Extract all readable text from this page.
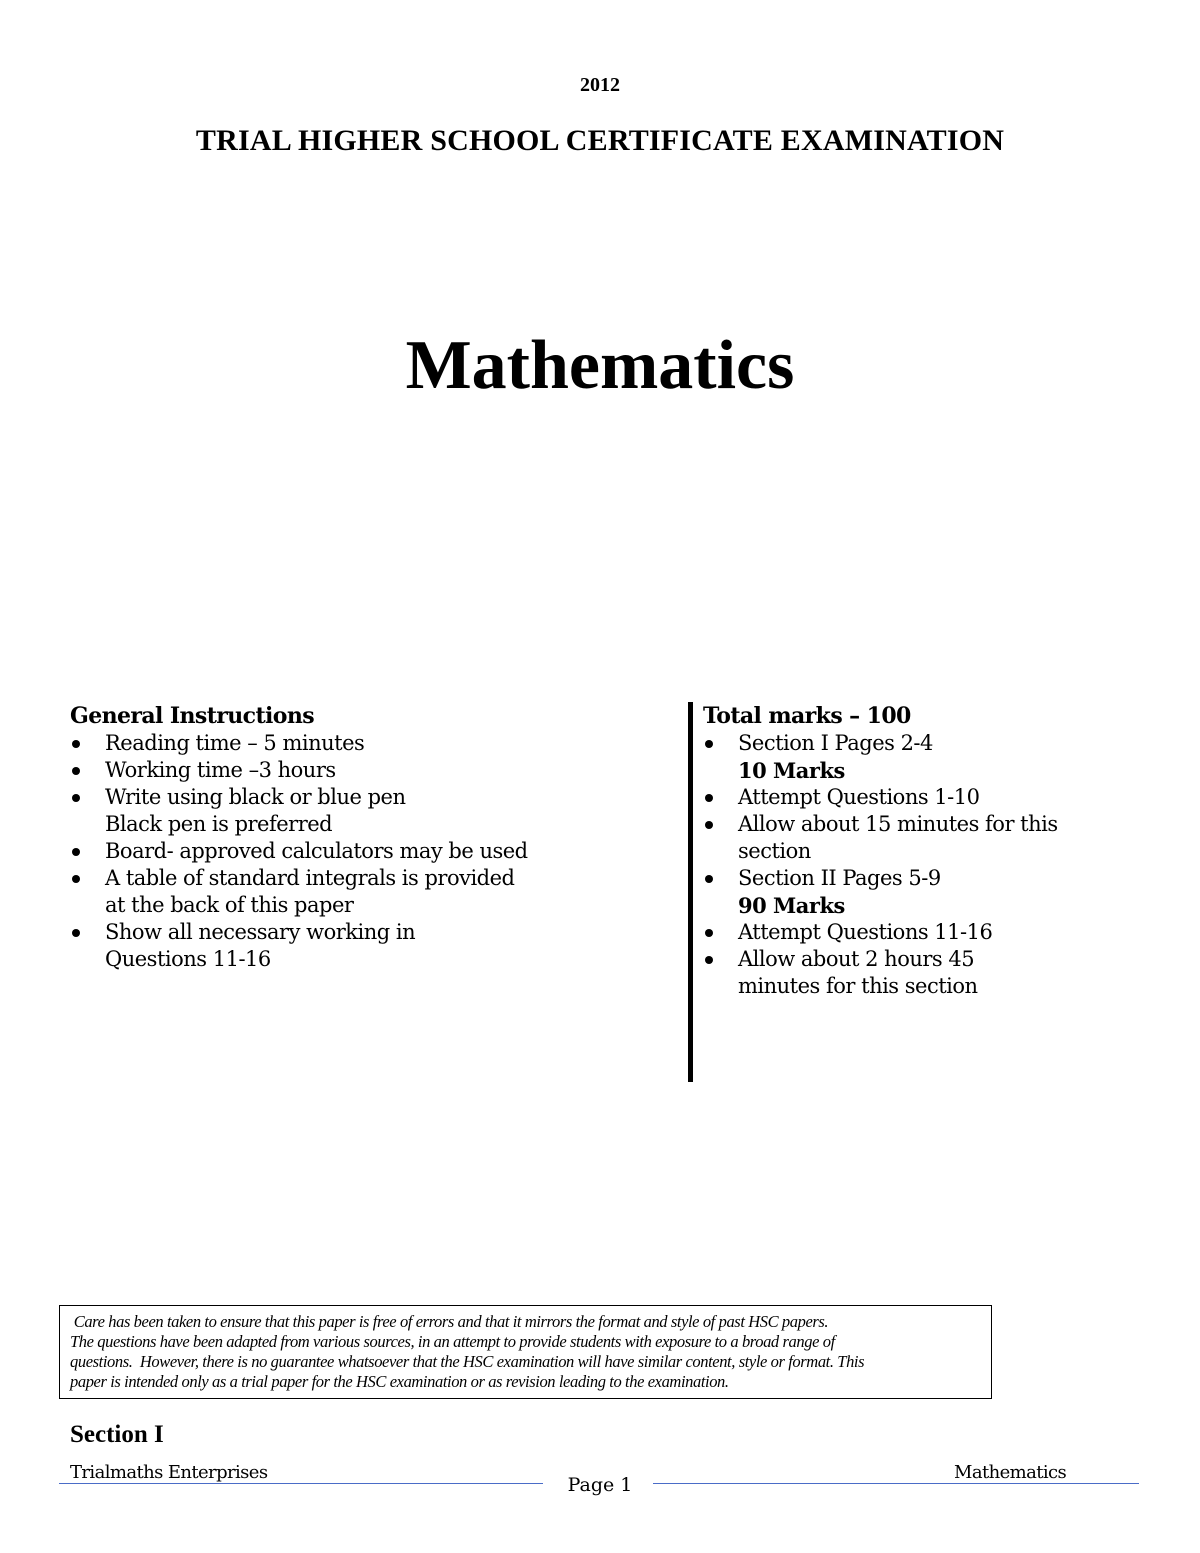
2012
TRIAL HIGHER SCHOOL CERTIFICATE EXAMINATION
Mathematics
General Instructions
Reading time – 5 minutes
Working time –3 hours
Write using black or blue pen
Black pen is preferred
Board- approved calculators may be used
A table of standard integrals is provided
at the back of this paper
Show all necessary working in
Questions 11-16
Total marks – 100
Section I Pages 2-4
10 Marks
Attempt Questions 1-10
Allow about 15 minutes for this
section
Section II Pages 5-9
90 Marks
Attempt Questions 11-16
Allow about 2 hours 45
minutes for this section
Care has been taken to ensure that this paper is free of errors and that it mirrors the format and style of past HSC papers.
The questions have been adapted from various sources, in an attempt to provide students with exposure to a broad range of
questions.  However, there is no guarantee whatsoever that the HSC examination will have similar content, style or format. This
paper is intended only as a trial paper for the HSC examination or as revision leading to the examination.
Section I
Trialmaths Enterprises
Page 1
Mathematics
